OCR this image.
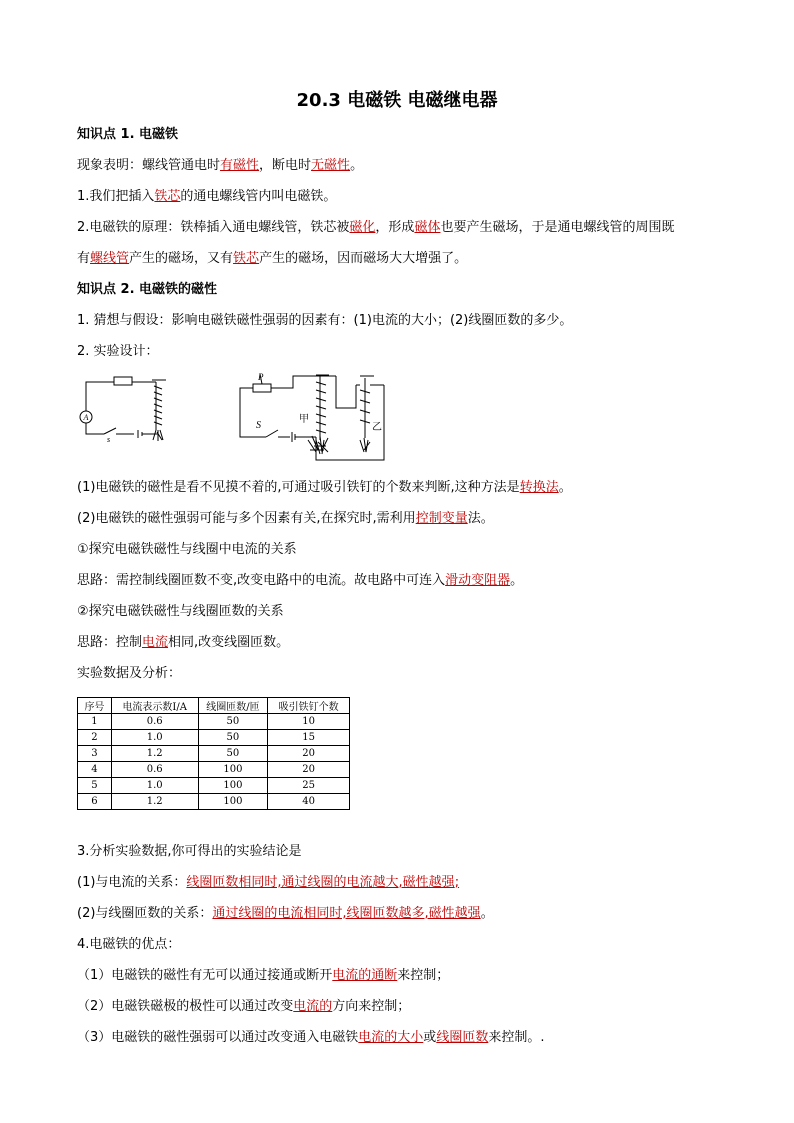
20.3 电磁铁 电磁继电器
知识点 1. 电磁铁
现象表明：螺线管通电时有磁性，断电时无磁性。
1.我们把插入铁芯的通电螺线管内叫电磁铁。
2.电磁铁的原理：铁棒插入通电螺线管，铁芯被磁化，形成磁体也要产生磁场，于是通电螺线管的周围既
有螺线管产生的磁场，又有铁芯产生的磁场，因而磁场大大增强了。
知识点 2. 电磁铁的磁性
1. 猜想与假设：影响电磁铁磁性强弱的因素有：(1)电流的大小；(2)线圈匝数的多少。
2. 实验设计：
A
s
P
S
甲
乙
(1)电磁铁的磁性是看不见摸不着的,可通过吸引铁钉的个数来判断,这种方法是转换法。
(2)电磁铁的磁性强弱可能与多个因素有关,在探究时,需利用控制变量法。
①探究电磁铁磁性与线圈中电流的关系
思路：需控制线圈匝数不变,改变电路中的电流。故电路中可连入滑动变阻器。
②探究电磁铁磁性与线圈匝数的关系
思路：控制电流相同,改变线圈匝数。
实验数据及分析：
序号	电流表示数I/A	线圈匝数/匝	吸引铁钉个数
1	0.6	50	10
2	1.0	50	15
3	1.2	50	20
4	0.6	100	20
5	1.0	100	25
6	1.2	100	40
3.分析实验数据,你可得出的实验结论是
(1)与电流的关系：线圈匝数相同时,通过线圈的电流越大,磁性越强;
(2)与线圈匝数的关系：通过线圈的电流相同时,线圈匝数越多,磁性越强。
4.电磁铁的优点：
（1）电磁铁的磁性有无可以通过接通或断开电流的通断来控制；
（2）电磁铁磁极的极性可以通过改变电流的方向来控制；
（3）电磁铁的磁性强弱可以通过改变通入电磁铁电流的大小或线圈匝数来控制。.
